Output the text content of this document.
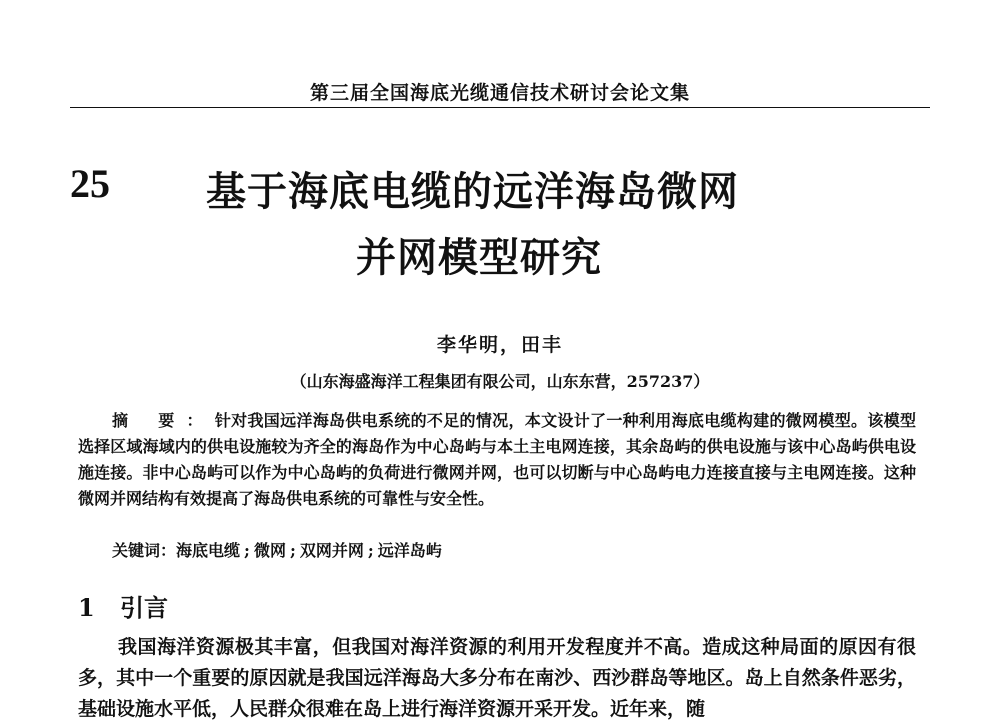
第三届全国海底光缆通信技术研讨会论文集
25 基于海底电缆的远洋海岛微网
并网模型研究
李华明，田丰
（山东海盛海洋工程集团有限公司，山东东营，257237）

摘 要：针对我国远洋海岛供电系统的不足的情况，本文设计了一种利用海底电缆构建的微网模型。该模型选择区域海域内的供电设施较为齐全的海岛作为中心岛屿与本土主电网连接，其余岛屿的供电设施与该中心岛屿供电设施连接。非中心岛屿可以作为中心岛屿的负荷进行微网并网，也可以切断与中心岛屿电力连接直接与主电网连接。这种微网并网结构有效提高了海岛供电系统的可靠性与安全性。

关键词：海底电缆 ; 微网 ; 双网并网 ; 远洋岛屿

1 引言

我国海洋资源极其丰富，但我国对海洋资源的利用开发程度并不高。造成这种局面的原因有很多，其中一个重要的原因就是我国远洋海岛大多分布在南沙、西沙群岛等地区。岛上自然条件恶劣，基础设施水平低，人民群众很难在岛上进行海洋资源开采开发。近年来，随
